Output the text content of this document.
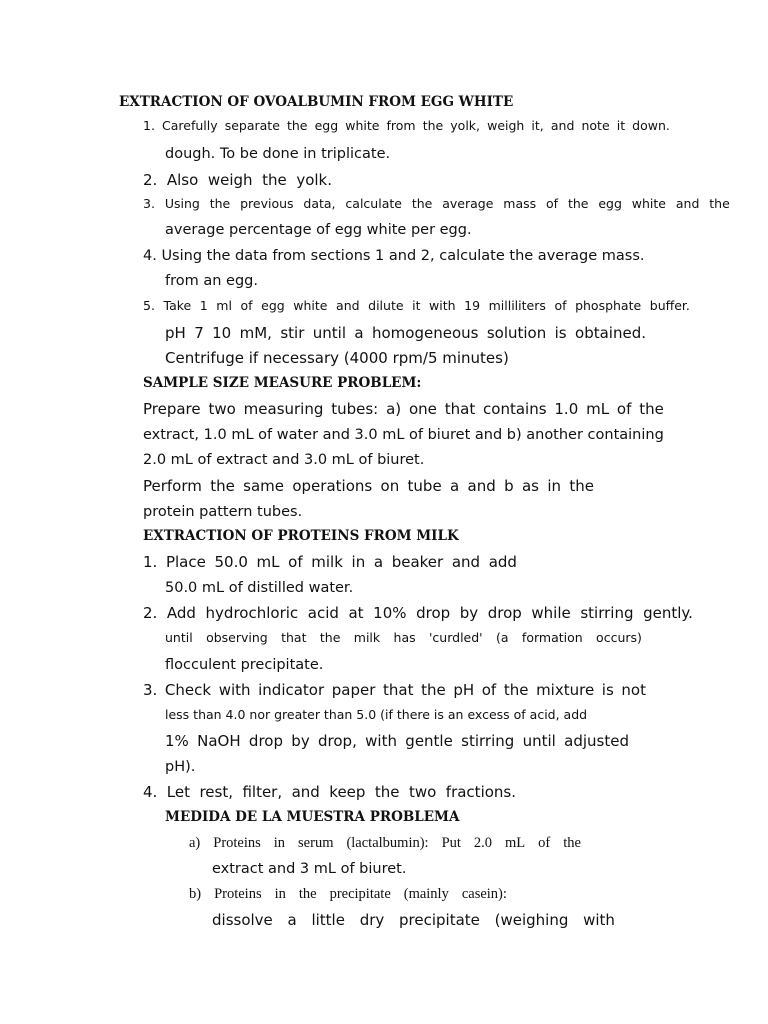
EXTRACTION OF OVOALBUMIN FROM EGG WHITE
1. Carefully separate the egg white from the yolk, weigh it, and note it down.
dough. To be done in triplicate.
2. Also weigh the yolk.
3. Using the previous data, calculate the average mass of the egg white and the
average percentage of egg white per egg.
4. Using the data from sections 1 and 2, calculate the average mass.
from an egg.
5. Take 1 ml of egg white and dilute it with 19 milliliters of phosphate buffer.
pH 7 10 mM, stir until a homogeneous solution is obtained.
Centrifuge if necessary (4000 rpm/5 minutes)
SAMPLE SIZE MEASURE PROBLEM:
Prepare two measuring tubes: a) one that contains 1.0 mL of the
extract, 1.0 mL of water and 3.0 mL of biuret and b) another containing
2.0 mL of extract and 3.0 mL of biuret.
Perform the same operations on tube a and b as in the
protein pattern tubes.
EXTRACTION OF PROTEINS FROM MILK
1. Place 50.0 mL of milk in a beaker and add
50.0 mL of distilled water.
2. Add hydrochloric acid at 10% drop by drop while stirring gently.
until observing that the milk has 'curdled' (a formation occurs)
flocculent precipitate.
3. Check with indicator paper that the pH of the mixture is not
less than 4.0 nor greater than 5.0 (if there is an excess of acid, add
1% NaOH drop by drop, with gentle stirring until adjusted
pH).
4. Let rest, filter, and keep the two fractions.
MEDIDA DE LA MUESTRA PROBLEMA
a) Proteins in serum (lactalbumin): Put 2.0 mL of the
extract and 3 mL of biuret.
b) Proteins in the precipitate (mainly casein):
dissolve a little dry precipitate (weighing with
